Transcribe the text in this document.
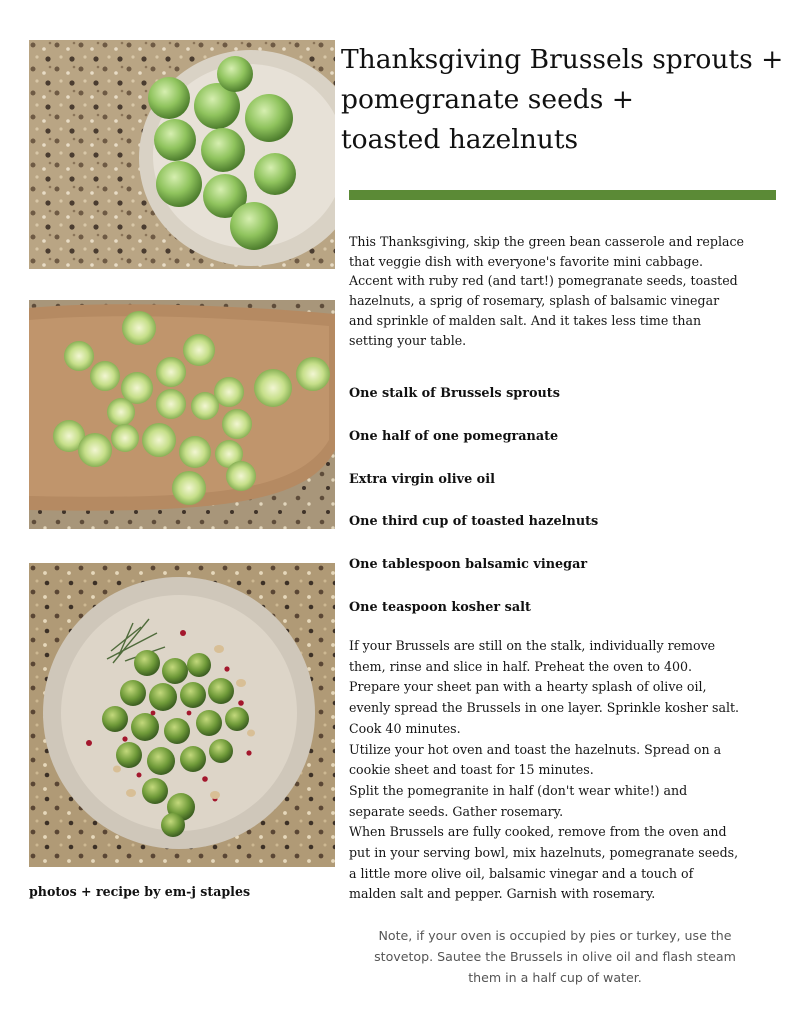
Thanksgiving Brussels sprouts +
pomegranate seeds +
toasted hazelnuts
This Thanksgiving, skip the green bean casserole and replace
that veggie dish with everyone's favorite mini cabbage.
Accent with ruby red (and tart!) pomegranate seeds, toasted
hazelnuts, a sprig of rosemary, splash of balsamic vinegar
and sprinkle of malden salt. And it takes less time than
setting your table.
One stalk of Brussels sprouts
One half of one pomegranate
Extra virgin olive oil
One third cup of toasted hazelnuts
One tablespoon balsamic vinegar
One teaspoon kosher salt
If your Brussels are still on the stalk, individually remove
them, rinse and slice in half. Preheat the oven to 400.
Prepare your sheet pan with a hearty splash of olive oil,
evenly spread the Brussels in one layer. Sprinkle kosher salt.
Cook 40 minutes.
Utilize your hot oven and toast the hazelnuts. Spread on a
cookie sheet and toast for 15 minutes.
Split the pomegranite in half (don't wear white!) and
separate seeds. Gather rosemary.
When Brussels are fully cooked, remove from the oven and
put in your serving bowl, mix hazelnuts, pomegranate seeds,
a little more olive oil, balsamic vinegar and a touch of
malden salt and pepper. Garnish with rosemary.
Note, if your oven is occupied by pies or turkey, use the
stovetop. Sautee the Brussels in olive oil and flash steam
them in a half cup of water.
photos + recipe by em-j staples
